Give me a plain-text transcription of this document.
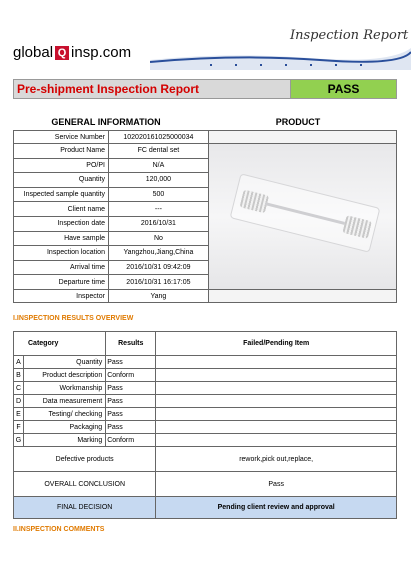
global Q insp.com
Inspection Report
Pre-shipment Inspection Report	PASS
GENERAL INFORMATION	PRODUCT
Service Number	102020161025000034	
Product Name	FC dental set	

PO/PI	N/A	
Quantity	120,000	
Inspected sample quantity	500	
Client name	---	
Inspection date	2016/10/31	
Have sample	No	
Inspection location	Yangzhou,Jiang,China	
Arrival time	2016/10/31 09:42:09	
Departure time	2016/10/31 16:17:05	
Inspector	Yang	
I.INSPECTION RESULTS OVERVIEW
Category		Results	Failed/Pending Item
A	Quantity	Pass	
B	Product description	Conform	
C	Workmanship	Pass	
D	Data measurement	Pass	
E	Testing/ checking	Pass	
F	Packaging	Pass	
G	Marking	Conform	
Defective products			rework,pick out,replace,
OVERALL CONCLUSION			Pass
FINAL DECISION			Pending client review and approval
II.INSPECTION COMMENTS
